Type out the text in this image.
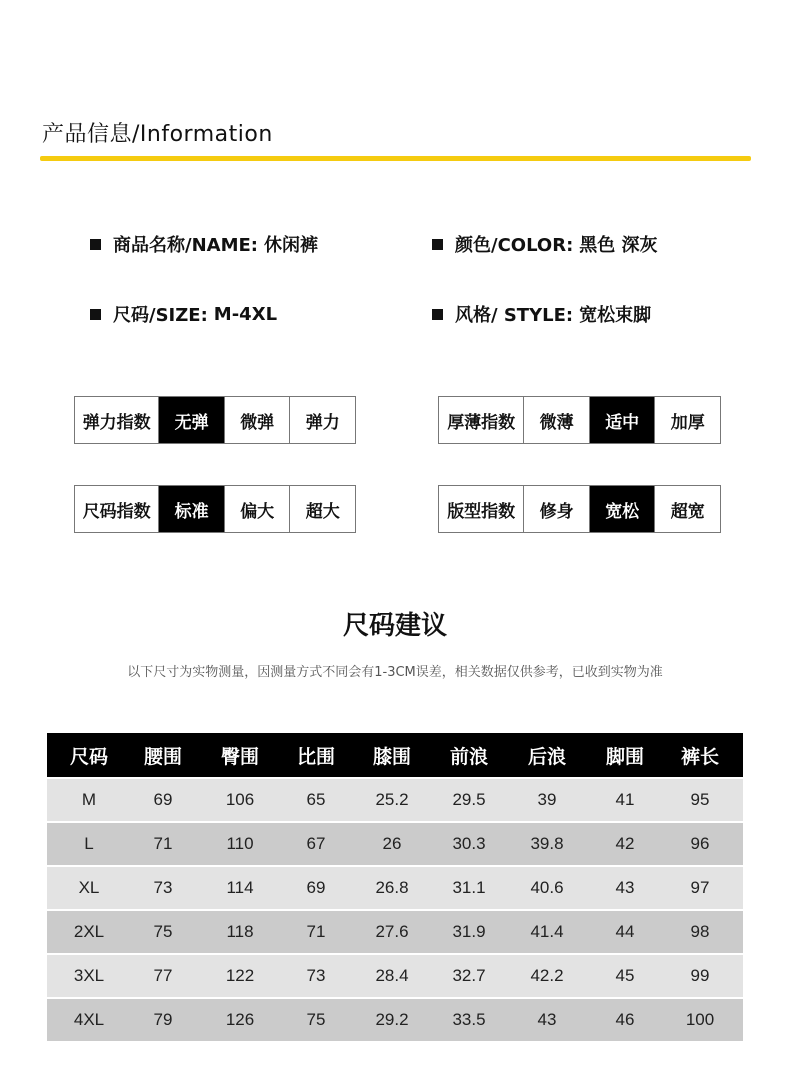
产品信息/Information
商品名称/NAME: 休闲裤	颜色/COLOR: 黑色 深灰
尺码/SIZE: M-4XL	风格/ STYLE: 宽松束脚
弹力指数	无弹	微弹	弹力	厚薄指数	微薄	适中	加厚
尺码指数	标准	偏大	超大	版型指数	修身	宽松	超宽
尺码建议
以下尺寸为实物测量，因测量方式不同会有1-3CM误差，相关数据仅供参考，已收到实物为准
尺码	腰围	臀围	比围	膝围	前浪	后浪	脚围	裤长
M	69	106	65	25.2	29.5	39	41	95
L	71	110	67	26	30.3	39.8	42	96
XL	73	114	69	26.8	31.1	40.6	43	97
2XL	75	118	71	27.6	31.9	41.4	44	98
3XL	77	122	73	28.4	32.7	42.2	45	99
4XL	79	126	75	29.2	33.5	43	46	100
